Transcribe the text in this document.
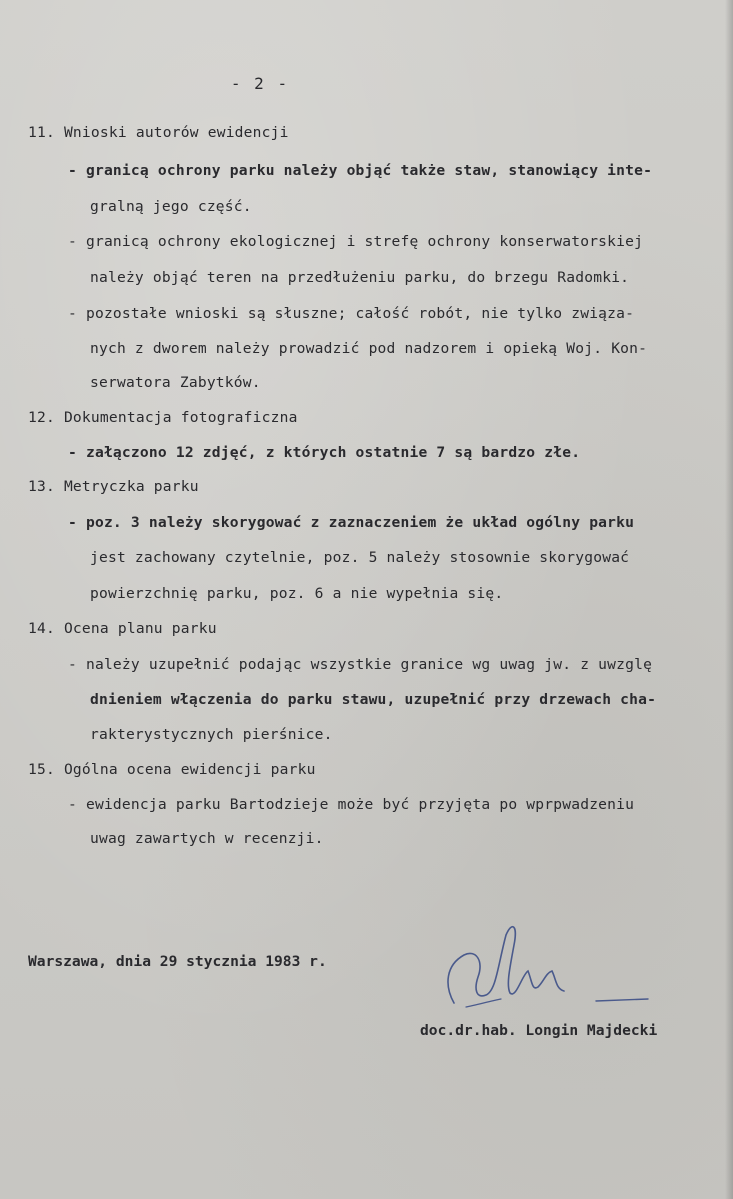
- 2 -
11. Wnioski autorów ewidencji
- granicą ochrony parku należy objąć także staw, stanowiący inte-
gralną jego część.
- granicą ochrony ekologicznej i strefę ochrony konserwatorskiej
należy objąć teren na przedłużeniu parku, do brzegu Radomki.
- pozostałe wnioski są słuszne; całość robót, nie tylko związa-
nych z dworem należy prowadzić pod nadzorem i opieką Woj. Kon-
serwatora Zabytków.
12. Dokumentacja fotograficzna
- załączono 12 zdjęć, z których ostatnie 7 są bardzo złe.
13. Metryczka parku
- poz. 3 należy skorygować z zaznaczeniem że układ ogólny parku
jest zachowany czytelnie, poz. 5 należy stosownie skorygować
powierzchnię parku, poz. 6 a nie wypełnia się.
14. Ocena planu parku
- należy uzupełnić podając wszystkie granice wg uwag jw. z uwzglę
dnieniem włączenia do parku stawu, uzupełnić przy drzewach cha-
rakterystycznych pierśnice.
15. Ogólna ocena ewidencji parku
- ewidencja parku Bartodzieje może być przyjęta po wprpwadzeniu
uwag zawartych w recenzji.
Warszawa, dnia 29 stycznia 1983 r.
doc.dr.hab. Longin Majdecki
